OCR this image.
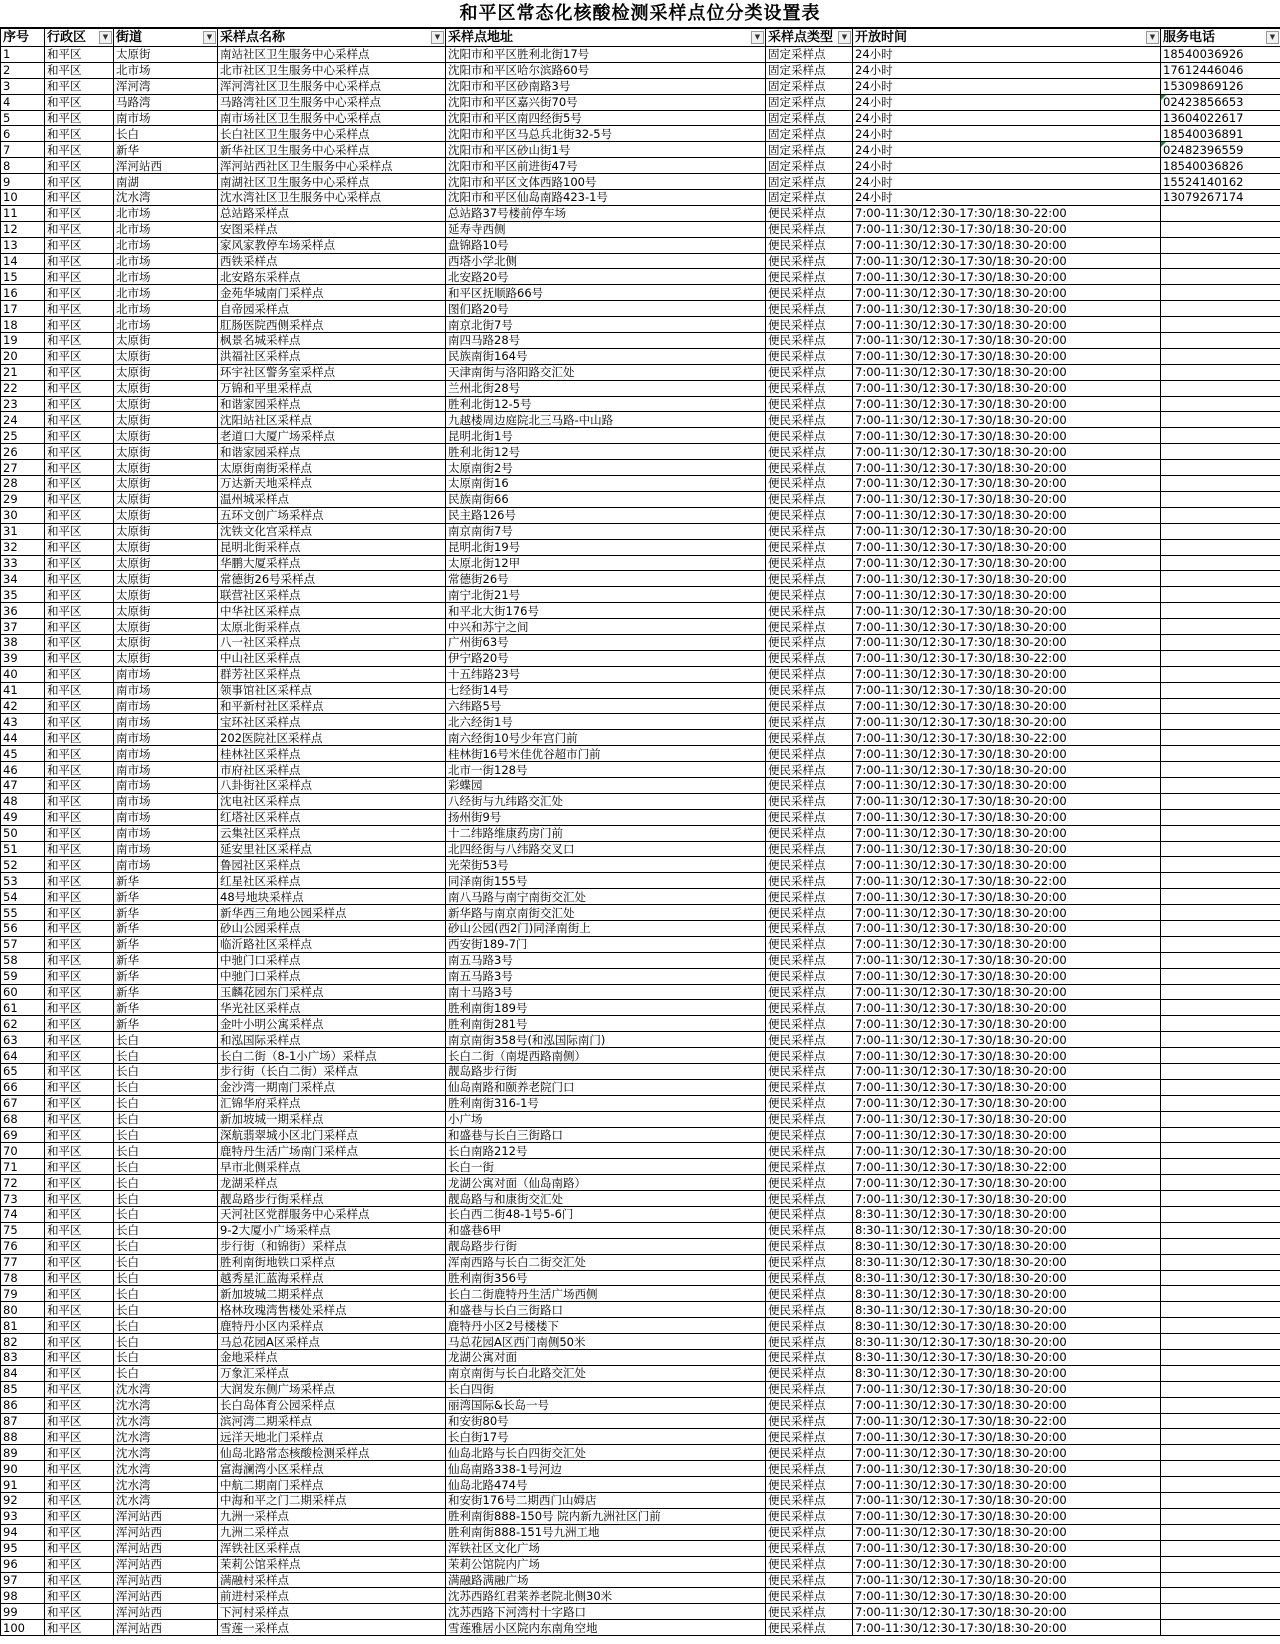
和平区常态化核酸检测采样点位分类设置表
序号	行政区 ▼	街道 ▼	采样点名称 ▼	采样点地址 ▼	采样点类型 ▼	开放时间 ▼	服务电话 ▼

1	和平区	太原街	南站社区卫生服务中心采样点	沈阳市和平区胜利北街17号	固定采样点	24小时	18540036926
2	和平区	北市场	北市社区卫生服务中心采样点	沈阳市和平区哈尔滨路60号	固定采样点	24小时	17612446046
3	和平区	浑河湾	浑河湾社区卫生服务中心采样点	沈阳市和平区砂南路3号	固定采样点	24小时	15309869126
4	和平区	马路湾	马路湾社区卫生服务中心采样点	沈阳市和平区嘉兴街70号	固定采样点	24小时	02423856653
5	和平区	南市场	南市场社区卫生服务中心采样点	沈阳市和平区南四经街5号	固定采样点	24小时	13604022617
6	和平区	长白	长白社区卫生服务中心采样点	沈阳市和平区马总兵北街32-5号	固定采样点	24小时	18540036891
7	和平区	新华	新华社区卫生服务中心采样点	沈阳市和平区砂山街1号	固定采样点	24小时	02482396559
8	和平区	浑河站西	浑河站西社区卫生服务中心采样点	沈阳市和平区前进街47号	固定采样点	24小时	18540036826
9	和平区	南湖	南湖社区卫生服务中心采样点	沈阳市和平区文体西路100号	固定采样点	24小时	15524140162
10	和平区	沈水湾	沈水湾社区卫生服务中心采样点	沈阳市和平区仙岛南路423-1号	固定采样点	24小时	13079267174
11	和平区	北市场	总站路采样点	总站路37号楼前停车场	便民采样点	7:00-11:30/12:30-17:30/18:30-22:00	
12	和平区	北市场	安图采样点	延寿寺西侧	便民采样点	7:00-11:30/12:30-17:30/18:30-20:00	
13	和平区	北市场	家风家教停车场采样点	盘锦路10号	便民采样点	7:00-11:30/12:30-17:30/18:30-20:00	
14	和平区	北市场	西铁采样点	西塔小学北侧	便民采样点	7:00-11:30/12:30-17:30/18:30-20:00	
15	和平区	北市场	北安路东采样点	北安路20号	便民采样点	7:00-11:30/12:30-17:30/18:30-20:00	
16	和平区	北市场	金苑华城南门采样点	和平区抚顺路66号	便民采样点	7:00-11:30/12:30-17:30/18:30-20:00	
17	和平区	北市场	自帝园采样点	图们路20号	便民采样点	7:00-11:30/12:30-17:30/18:30-20:00	
18	和平区	北市场	肛肠医院西侧采样点	南京北街7号	便民采样点	7:00-11:30/12:30-17:30/18:30-20:00	
19	和平区	太原街	枫景名城采样点	南四马路28号	便民采样点	7:00-11:30/12:30-17:30/18:30-20:00	
20	和平区	太原街	洪福社区采样点	民族南街164号	便民采样点	7:00-11:30/12:30-17:30/18:30-20:00	
21	和平区	太原街	环宇社区警务室采样点	天津南街与洛阳路交汇处	便民采样点	7:00-11:30/12:30-17:30/18:30-20:00	
22	和平区	太原街	万锦和平里采样点	兰州北街28号	便民采样点	7:00-11:30/12:30-17:30/18:30-20:00	
23	和平区	太原街	和谐家园采样点	胜利北街12-5号	便民采样点	7:00-11:30/12:30-17:30/18:30-20:00	
24	和平区	太原街	沈阳站社区采样点	九越楼周边庭院北三马路-中山路	便民采样点	7:00-11:30/12:30-17:30/18:30-20:00	
25	和平区	太原街	老道口大厦广场采样点	昆明北街1号	便民采样点	7:00-11:30/12:30-17:30/18:30-20:00	
26	和平区	太原街	和谐家园采样点	胜利北街12号	便民采样点	7:00-11:30/12:30-17:30/18:30-20:00	
27	和平区	太原街	太原街南街采样点	太原南街2号	便民采样点	7:00-11:30/12:30-17:30/18:30-20:00	
28	和平区	太原街	万达新天地采样点	太原南街16	便民采样点	7:00-11:30/12:30-17:30/18:30-20:00	
29	和平区	太原街	温州城采样点	民族南街66	便民采样点	7:00-11:30/12:30-17:30/18:30-20:00	
30	和平区	太原街	五环文创广场采样点	民主路126号	便民采样点	7:00-11:30/12:30-17:30/18:30-20:00	
31	和平区	太原街	沈铁文化宫采样点	南京南街7号	便民采样点	7:00-11:30/12:30-17:30/18:30-20:00	
32	和平区	太原街	昆明北街采样点	昆明北街19号	便民采样点	7:00-11:30/12:30-17:30/18:30-20:00	
33	和平区	太原街	华鹏大厦采样点	太原北街12甲	便民采样点	7:00-11:30/12:30-17:30/18:30-20:00	
34	和平区	太原街	常德街26号采样点	常德街26号	便民采样点	7:00-11:30/12:30-17:30/18:30-20:00	
35	和平区	太原街	联营社区采样点	南宁北街21号	便民采样点	7:00-11:30/12:30-17:30/18:30-20:00	
36	和平区	太原街	中华社区采样点	和平北大街176号	便民采样点	7:00-11:30/12:30-17:30/18:30-20:00	
37	和平区	太原街	太原北街采样点	中兴和苏宁之间	便民采样点	7:00-11:30/12:30-17:30/18:30-20:00	
38	和平区	太原街	八一社区采样点	广州街63号	便民采样点	7:00-11:30/12:30-17:30/18:30-20:00	
39	和平区	太原街	中山社区采样点	伊宁路20号	便民采样点	7:00-11:30/12:30-17:30/18:30-22:00	
40	和平区	南市场	群芳社区采样点	十五纬路23号	便民采样点	7:00-11:30/12:30-17:30/18:30-20:00	
41	和平区	南市场	领事馆社区采样点	七经街14号	便民采样点	7:00-11:30/12:30-17:30/18:30-20:00	
42	和平区	南市场	和平新村社区采样点	六纬路5号	便民采样点	7:00-11:30/12:30-17:30/18:30-20:00	
43	和平区	南市场	宝环社区采样点	北六经街1号	便民采样点	7:00-11:30/12:30-17:30/18:30-20:00	
44	和平区	南市场	202医院社区采样点	南六经街10号少年宫门前	便民采样点	7:00-11:30/12:30-17:30/18:30-22:00	
45	和平区	南市场	桂林社区采样点	桂林街16号米佳优谷超市门前	便民采样点	7:00-11:30/12:30-17:30/18:30-20:00	
46	和平区	南市场	市府社区采样点	北市一街128号	便民采样点	7:00-11:30/12:30-17:30/18:30-20:00	
47	和平区	南市场	八卦街社区采样点	彩蝶园	便民采样点	7:00-11:30/12:30-17:30/18:30-20:00	
48	和平区	南市场	沈电社区采样点	八经街与九纬路交汇处	便民采样点	7:00-11:30/12:30-17:30/18:30-20:00	
49	和平区	南市场	红塔社区采样点	扬州街9号	便民采样点	7:00-11:30/12:30-17:30/18:30-20:00	
50	和平区	南市场	云集社区采样点	十二纬路维康药房门前	便民采样点	7:00-11:30/12:30-17:30/18:30-20:00	
51	和平区	南市场	延安里社区采样点	北四经街与八纬路交叉口	便民采样点	7:00-11:30/12:30-17:30/18:30-20:00	
52	和平区	南市场	鲁园社区采样点	光荣街53号	便民采样点	7:00-11:30/12:30-17:30/18:30-20:00	
53	和平区	新华	红星社区采样点	同泽南街155号	便民采样点	7:00-11:30/12:30-17:30/18:30-22:00	
54	和平区	新华	48号地块采样点	南八马路与南宁南街交汇处	便民采样点	7:00-11:30/12:30-17:30/18:30-20:00	
55	和平区	新华	新华西三角地公园采样点	新华路与南京南街交汇处	便民采样点	7:00-11:30/12:30-17:30/18:30-20:00	
56	和平区	新华	砂山公园采样点	砂山公园(西2门)同泽南街上	便民采样点	7:00-11:30/12:30-17:30/18:30-20:00	
57	和平区	新华	临沂路社区采样点	西安街189-7门	便民采样点	7:00-11:30/12:30-17:30/18:30-20:00	
58	和平区	新华	中驰门口采样点	南五马路3号	便民采样点	7:00-11:30/12:30-17:30/18:30-20:00	
59	和平区	新华	中驰门口采样点	南五马路3号	便民采样点	7:00-11:30/12:30-17:30/18:30-20:00	
60	和平区	新华	玉麟花园东门采样点	南十马路3号	便民采样点	7:00-11:30/12:30-17:30/18:30-20:00	
61	和平区	新华	华光社区采样点	胜利南街189号	便民采样点	7:00-11:30/12:30-17:30/18:30-20:00	
62	和平区	新华	金叶小明公寓采样点	胜利南街281号	便民采样点	7:00-11:30/12:30-17:30/18:30-20:00	
63	和平区	长白	和泓国际采样点	南京南街358号(和泓国际南门)	便民采样点	7:00-11:30/12:30-17:30/18:30-20:00	
64	和平区	长白	长白二街（8-1小广场）采样点	长白二街（南堤西路南侧）	便民采样点	7:00-11:30/12:30-17:30/18:30-20:00	
65	和平区	长白	步行街（长白二街）采样点	靓岛路步行街	便民采样点	7:00-11:30/12:30-17:30/18:30-20:00	
66	和平区	长白	金沙湾一期南门采样点	仙岛南路和颐养老院门口	便民采样点	7:00-11:30/12:30-17:30/18:30-20:00	
67	和平区	长白	汇锦华府采样点	胜利南街316-1号	便民采样点	7:00-11:30/12:30-17:30/18:30-20:00	
68	和平区	长白	新加坡城一期采样点	小广场	便民采样点	7:00-11:30/12:30-17:30/18:30-20:00	
69	和平区	长白	深航翡翠城小区北门采样点	和盛巷与长白三街路口	便民采样点	7:00-11:30/12:30-17:30/18:30-20:00	
70	和平区	长白	鹿特丹生活广场南门采样点	长白南路212号	便民采样点	7:00-11:30/12:30-17:30/18:30-20:00	
71	和平区	长白	早市北侧采样点	长白一街	便民采样点	7:00-11:30/12:30-17:30/18:30-22:00	
72	和平区	长白	龙湖采样点	龙湖公寓对面（仙岛南路）	便民采样点	7:00-11:30/12:30-17:30/18:30-20:00	
73	和平区	长白	靓岛路步行街采样点	靓岛路与和康街交汇处	便民采样点	7:00-11:30/12:30-17:30/18:30-20:00	
74	和平区	长白	天河社区党群服务中心采样点	长白西二街48-1号5-6门	便民采样点	8:30-11:30/12:30-17:30/18:30-20:00	
75	和平区	长白	9-2大厦小广场采样点	和盛巷6甲	便民采样点	8:30-11:30/12:30-17:30/18:30-20:00	
76	和平区	长白	步行街（和锦街）采样点	靓岛路步行街	便民采样点	8:30-11:30/12:30-17:30/18:30-20:00	
77	和平区	长白	胜利南街地铁口采样点	浑南西路与长白二街交汇处	便民采样点	8:30-11:30/12:30-17:30/18:30-20:00	
78	和平区	长白	越秀星汇蓝海采样点	胜利南街356号	便民采样点	8:30-11:30/12:30-17:30/18:30-20:00	
79	和平区	长白	新加坡城二期采样点	长白二街鹿特丹生活广场西侧	便民采样点	8:30-11:30/12:30-17:30/18:30-20:00	
80	和平区	长白	格林玫瑰湾售楼处采样点	和盛巷与长白三街路口	便民采样点	8:30-11:30/12:30-17:30/18:30-20:00	
81	和平区	长白	鹿特丹小区内采样点	鹿特丹小区2号楼楼下	便民采样点	8:30-11:30/12:30-17:30/18:30-20:00	
82	和平区	长白	马总花园A区采样点	马总花园A区西门南侧50米	便民采样点	8:30-11:30/12:30-17:30/18:30-20:00	
83	和平区	长白	金地采样点	龙湖公寓对面	便民采样点	8:30-11:30/12:30-17:30/18:30-20:00	
84	和平区	长白	万象汇采样点	南京南街与长白北路交汇处	便民采样点	8:30-11:30/12:30-17:30/18:30-20:00	
85	和平区	沈水湾	大润发东侧广场采样点	长白四街	便民采样点	7:00-11:30/12:30-17:30/18:30-20:00	
86	和平区	沈水湾	长白岛体育公园采样点	丽湾国际&长岛一号	便民采样点	7:00-11:30/12:30-17:30/18:30-20:00	
87	和平区	沈水湾	滨河湾二期采样点	和安街80号	便民采样点	7:00-11:30/12:30-17:30/18:30-22:00	
88	和平区	沈水湾	远洋天地北门采样点	长白街17号	便民采样点	7:00-11:30/12:30-17:30/18:30-20:00	
89	和平区	沈水湾	仙岛北路常态核酸检测采样点	仙岛北路与长白四街交汇处	便民采样点	7:00-11:30/12:30-17:30/18:30-20:00	
90	和平区	沈水湾	富海澜湾小区采样点	仙岛南路338-1号河边	便民采样点	7:00-11:30/12:30-17:30/18:30-20:00	
91	和平区	沈水湾	中航二期南门采样点	仙岛北路474号	便民采样点	7:00-11:30/12:30-17:30/18:30-20:00	
92	和平区	沈水湾	中海和平之门二期采样点	和安街176号二期西门山姆店	便民采样点	7:00-11:30/12:30-17:30/18:30-20:00	
93	和平区	浑河站西	九洲一采样点	胜利南街888-150号 院内新九洲社区门前	便民采样点	7:00-11:30/12:30-17:30/18:30-20:00	
94	和平区	浑河站西	九洲二采样点	胜利南街888-151号九洲工地	便民采样点	7:00-11:30/12:30-17:30/18:30-20:00	
95	和平区	浑河站西	浑铁社区采样点	浑铁社区文化广场	便民采样点	7:00-11:30/12:30-17:30/18:30-20:00	
96	和平区	浑河站西	茉莉公馆采样点	茉莉公馆院内广场	便民采样点	7:00-11:30/12:30-17:30/18:30-20:00	
97	和平区	浑河站西	满融村采样点	满融路满融广场	便民采样点	7:00-11:30/12:30-17:30/18:30-20:00	
98	和平区	浑河站西	前进村采样点	沈苏西路红君莱养老院北侧30米	便民采样点	7:00-11:30/12:30-17:30/18:30-20:00	
99	和平区	浑河站西	下河村采样点	沈苏西路下河湾村十字路口	便民采样点	7:00-11:30/12:30-17:30/18:30-20:00	
100	和平区	浑河站西	雪莲一采样点	雪莲雅居小区院内东南角空地	便民采样点	7:00-11:30/12:30-17:30/18:30-20:00	
